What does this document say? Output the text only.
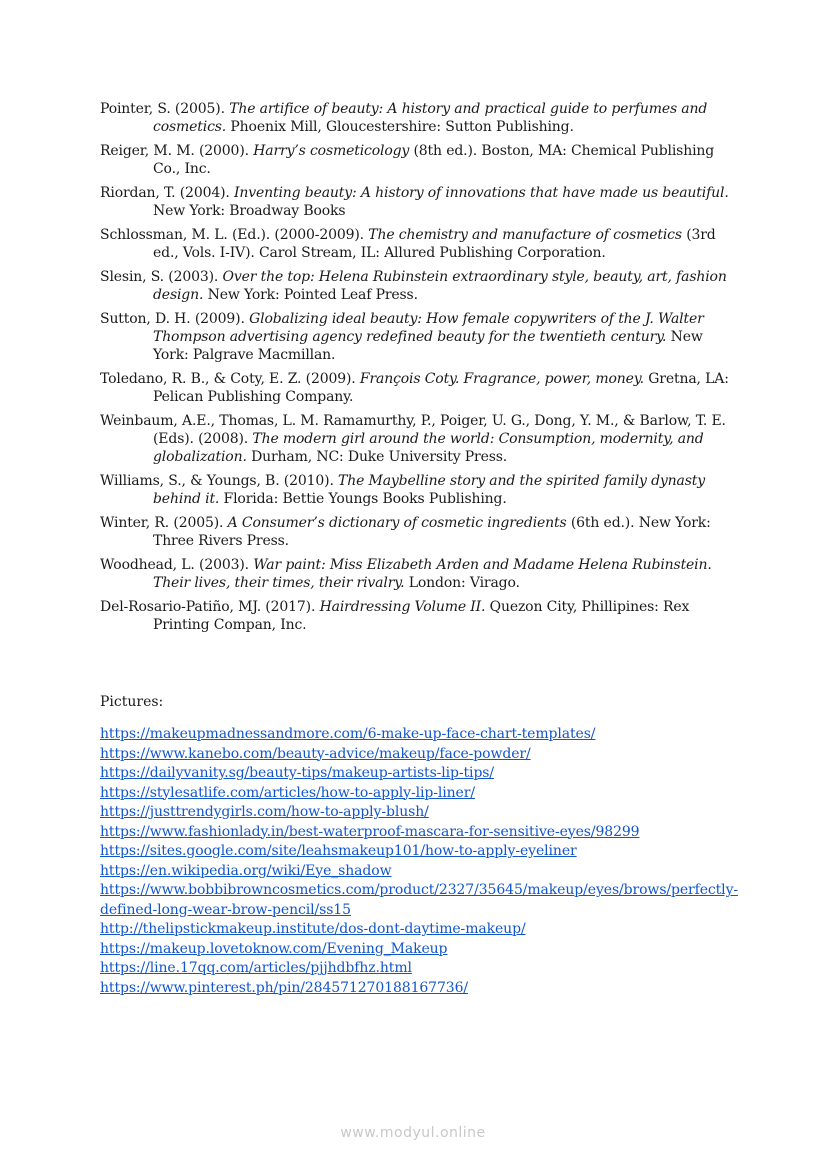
Pointer, S. (2005). The artifice of beauty: A history and practical guide to perfumes and cosmetics. Phoenix Mill, Gloucestershire: Sutton Publishing.
Reiger, M. M. (2000). Harry’s cosmeticology (8th ed.). Boston, MA: Chemical Publishing Co., Inc.
Riordan, T. (2004). Inventing beauty: A history of innovations that have made us beautiful. New York: Broadway Books
Schlossman, M. L. (Ed.). (2000-2009). The chemistry and manufacture of cosmetics (3rd ed., Vols. I-IV). Carol Stream, IL: Allured Publishing Corporation.
Slesin, S. (2003). Over the top: Helena Rubinstein extraordinary style, beauty, art, fashion design. New York: Pointed Leaf Press.
Sutton, D. H. (2009). Globalizing ideal beauty: How female copywriters of the J. Walter Thompson advertising agency redefined beauty for the twentieth century. New York: Palgrave Macmillan.
Toledano, R. B., & Coty, E. Z. (2009). François Coty. Fragrance, power, money. Gretna, LA: Pelican Publishing Company.
Weinbaum, A.E., Thomas, L. M. Ramamurthy, P., Poiger, U. G., Dong, Y. M., & Barlow, T. E. (Eds). (2008). The modern girl around the world: Consumption, modernity, and globalization. Durham, NC: Duke University Press.
Williams, S., & Youngs, B. (2010). The Maybelline story and the spirited family dynasty behind it. Florida: Bettie Youngs Books Publishing.
Winter, R. (2005). A Consumer’s dictionary of cosmetic ingredients (6th ed.). New York: Three Rivers Press.
Woodhead, L. (2003). War paint: Miss Elizabeth Arden and Madame Helena Rubinstein. Their lives, their times, their rivalry. London: Virago.
Del-Rosario-Patiño, MJ. (2017). Hairdressing Volume II. Quezon City, Phillipines: Rex Printing Compan, Inc.
Pictures:
https://makeupmadnessandmore.com/6-make-up-face-chart-templates/
https://www.kanebo.com/beauty-advice/makeup/face-powder/
https://dailyvanity.sg/beauty-tips/makeup-artists-lip-tips/
https://stylesatlife.com/articles/how-to-apply-lip-liner/
https://justtrendygirls.com/how-to-apply-blush/
https://www.fashionlady.in/best-waterproof-mascara-for-sensitive-eyes/98299
https://sites.google.com/site/leahsmakeup101/how-to-apply-eyeliner
https://en.wikipedia.org/wiki/Eye_shadow
https://www.bobbibrowncosmetics.com/product/2327/35645/makeup/eyes/brows/perfectly-defined-long-wear-brow-pencil/ss15
http://thelipstickmakeup.institute/dos-dont-daytime-makeup/
https://makeup.lovetoknow.com/Evening_Makeup
https://line.17qq.com/articles/pjjhdbfhz.html
https://www.pinterest.ph/pin/284571270188167736/
www.modyul.online
